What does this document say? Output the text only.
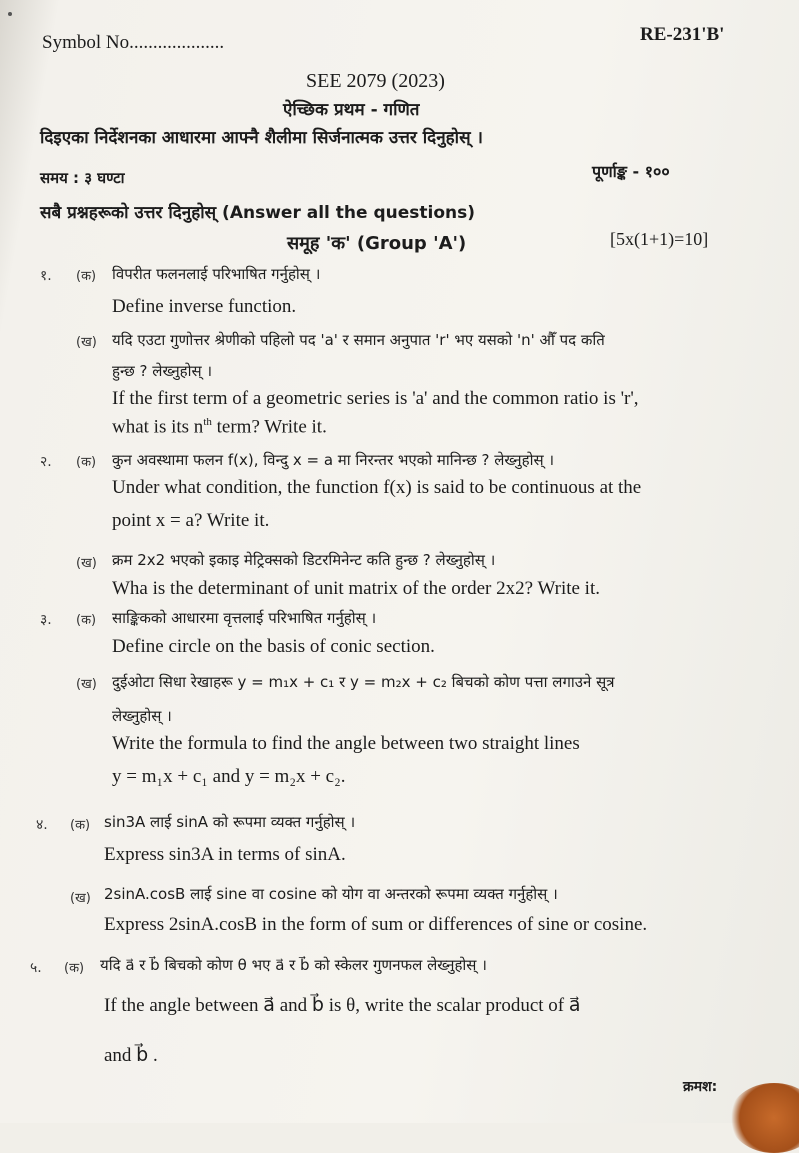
Symbol No....................	RE-231'B'
SEE 2079 (2023)
ऐच्छिक प्रथम - गणित
दिइएका निर्देशनका आधारमा आफ्नै शैलीमा सिर्जनात्मक उत्तर दिनुहोस् ।
समय : ३ घण्टा	पूर्णाङ्क - १००
सबै प्रश्नहरूको उत्तर दिनुहोस् (Answer all the questions)
समूह 'क' (Group 'A')	[5x(1+1)=10]
१. (क) विपरीत फलनलाई परिभाषित गर्नुहोस् ।
Define inverse function.
(ख) यदि एउटा गुणोत्तर श्रेणीको पहिलो पद 'a' र समान अनुपात 'r' भए यसको 'n' औँ पद कति
हुन्छ ? लेख्नुहोस् ।
If the first term of a geometric series is 'a' and the common ratio is 'r',
what is its $n^{th}$ term? Write it.
२. (क) कुन अवस्थामा फलन f(x), विन्दु x = a मा निरन्तर भएको मानिन्छ ? लेख्नुहोस् ।
Under what condition, the function f(x) is said to be continuous at the
point x = a? Write it.
(ख) क्रम 2x2 भएको इकाइ मेट्रिक्सको डिटरमिनेन्ट कति हुन्छ ? लेख्नुहोस् ।
Wha is the determinant of unit matrix of the order 2x2? Write it.
३. (क) साङ्किकको आधारमा वृत्तलाई परिभाषित गर्नुहोस् ।
Define circle on the basis of conic section.
(ख) दुईओटा सिधा रेखाहरू y = m₁x + c₁ र y = m₂x + c₂ बिचको कोण पत्ता लगाउने सूत्र
लेख्नुहोस् ।
Write the formula to find the angle between two straight lines
y = m₁x + c₁ and y = m₂x + c₂.
४. (क) sin3A लाई sinA को रूपमा व्यक्त गर्नुहोस् ।
Express sin3A in terms of sinA.
(ख) 2sinA.cosB लाई sine वा cosine को योग वा अन्तरको रूपमा व्यक्त गर्नुहोस् ।
Express 2sinA.cosB in the form of sum or differences of sine or cosine.
५. (क) यदि a⃗ र b⃗ बिचको कोण θ भए a⃗ र b⃗ को स्केलर गुणनफल लेख्नुहोस् ।
If the angle between a⃗ and b⃗ is θ, write the scalar product of a⃗
and b⃗ .
क्रमश:
